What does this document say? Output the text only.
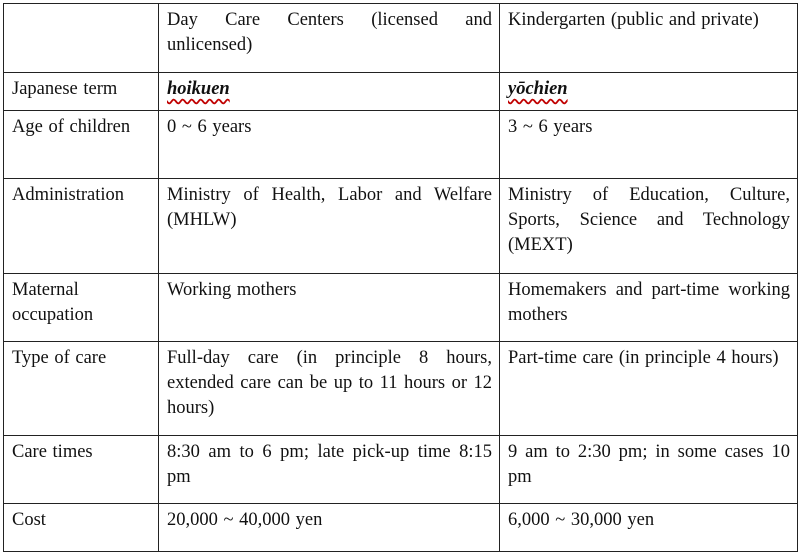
	Day Care Centers (licensed and unlicensed)	Kindergarten (public and private)
Japanese term	hoikuen	yōchien
Age of children	0 ~ 6 years	3 ~ 6 years
Administration	Ministry of Health, Labor and Welfare (MHLW)	Ministry of Education, Culture, Sports, Science and Technology (MEXT)
Maternal occupation	Working mothers	Homemakers and part-time working mothers
Type of care	Full-day care (in principle 8 hours, extended care can be up to 11 hours or 12 hours)	Part-time care (in principle 4 hours)
Care times	8:30 am to 6 pm; late pick-up time 8:15 pm	9 am to 2:30 pm; in some cases 10 pm
Cost	20,000 ~ 40,000 yen	6,000 ~ 30,000 yen
